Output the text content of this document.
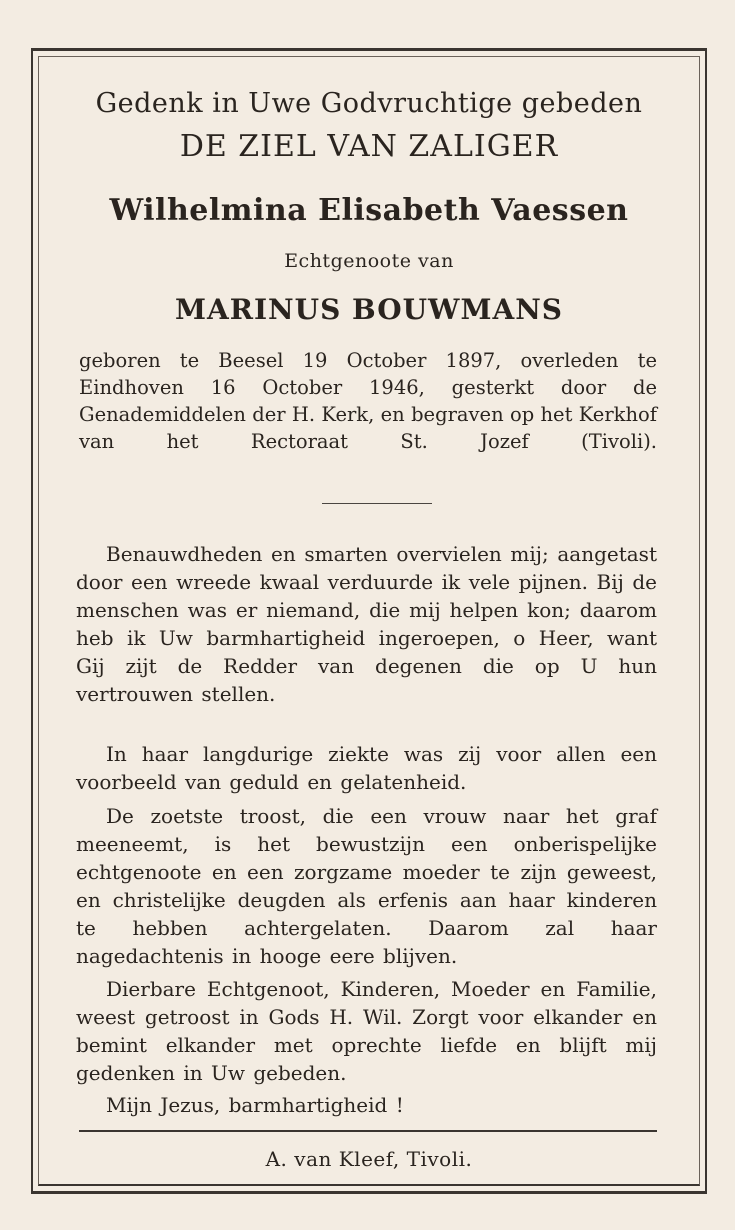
Gedenk in Uwe Godvruchtige gebeden
DE ZIEL VAN ZALIGER
Wilhelmina Elisabeth Vaessen
Echtgenoote van
MARINUS BOUWMANS
geboren te Beesel 19 October 1897, overleden te Eindhoven 16 October 1946, gesterkt door de Genademiddelen der H. Kerk, en begraven op het Kerkhof van het Rectoraat St. Jozef (Tivoli).
Benauwdheden en smarten overvielen mij; aangetast door een wreede kwaal verduurde ik vele pijnen. Bij de menschen was er niemand, die mij helpen kon; daarom heb ik Uw barmhartigheid ingeroepen, o Heer, want Gij zijt de Redder van degenen die op U hun vertrouwen stellen.
In haar langdurige ziekte was zij voor allen een voorbeeld van geduld en gelatenheid.
De zoetste troost, die een vrouw naar het graf meeneemt, is het bewustzijn een onberispelijke echtgenoote en een zorgzame moeder te zijn geweest, en christelijke deugden als erfenis aan haar kinderen te hebben achtergelaten. Daarom zal haar nagedachtenis in hooge eere blijven.
Dierbare Echtgenoot, Kinderen, Moeder en Familie, weest getroost in Gods H. Wil. Zorgt voor elkander en bemint elkander met oprechte liefde en blijft mij gedenken in Uw gebeden.
Mijn Jezus, barmhartigheid !
A. van Kleef, Tivoli.
